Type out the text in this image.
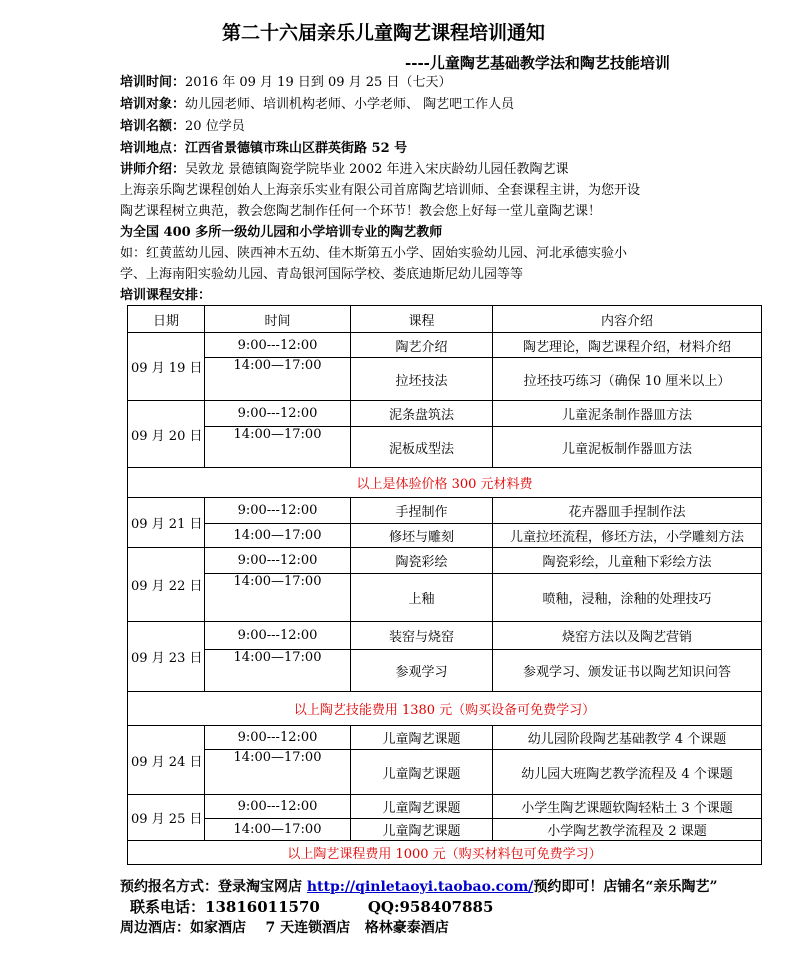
第二十六届亲乐儿童陶艺课程培训通知
----儿童陶艺基础教学法和陶艺技能培训
培训时间：2016 年 09 月 19 日到 09 月 25 日（七天）
培训对象：幼儿园老师、培训机构老师、小学老师、 陶艺吧工作人员
培训名额：20 位学员
培训地点：江西省景德镇市珠山区群英街路 52 号
讲师介绍：吴敦龙 景德镇陶瓷学院毕业 2002 年进入宋庆龄幼儿园任教陶艺课
上海亲乐陶艺课程创始人上海亲乐实业有限公司首席陶艺培训师、全套课程主讲，为您开设
陶艺课程树立典范，教会您陶艺制作任何一个环节！教会您上好每一堂儿童陶艺课！
为全国 400 多所一级幼儿园和小学培训专业的陶艺教师
如：红黄蓝幼儿园、陕西神木五幼、佳木斯第五小学、固始实验幼儿园、河北承德实验小
学、上海南阳实验幼儿园、青岛银河国际学校、娄底迪斯尼幼儿园等等
培训课程安排：
日期	时间	课程	内容介绍
09 月 19 日	9:00---12:00	陶艺介绍	陶艺理论，陶艺课程介绍，材料介绍
	14:00—17:00	拉坯技法	拉坯技巧练习（确保 10 厘米以上）
09 月 20 日	9:00---12:00	泥条盘筑法	儿童泥条制作器皿方法
	14:00—17:00	泥板成型法	儿童泥板制作器皿方法
以上是体验价格 300 元材料费			
09 月 21 日	9:00---12:00	手捏制作	花卉器皿手捏制作法
	14:00—17:00	修坯与雕刻	儿童拉坯流程，修坯方法，小学雕刻方法
09 月 22 日	9:00---12:00	陶瓷彩绘	陶瓷彩绘，儿童釉下彩绘方法
	14:00—17:00	上釉	喷釉，浸釉，涂釉的处理技巧
09 月 23 日	9:00---12:00	装窑与烧窑	烧窑方法以及陶艺营销
	14:00—17:00	参观学习	参观学习、颁发证书以陶艺知识问答
以上陶艺技能费用 1380 元（购买设备可免费学习）			
09 月 24 日	9:00---12:00	儿童陶艺课题	幼儿园阶段陶艺基础教学 4 个课题
	14:00—17:00	儿童陶艺课题	幼儿园大班陶艺教学流程及 4 个课题
09 月 25 日	9:00---12:00	儿童陶艺课题	小学生陶艺课题软陶轻粘土 3 个课题
	14:00—17:00	儿童陶艺课题	小学陶艺教学流程及 2 课题
以上陶艺课程费用 1000 元（购买材料包可免费学习）			
预约报名方式：登录淘宝网店 http://qinletaoyi.taobao.com/预约即可！店铺名“亲乐陶艺”
联系电话：13816011570	QQ:958407885
周边酒店：如家酒店    7 天连锁酒店   格林豪泰酒店
